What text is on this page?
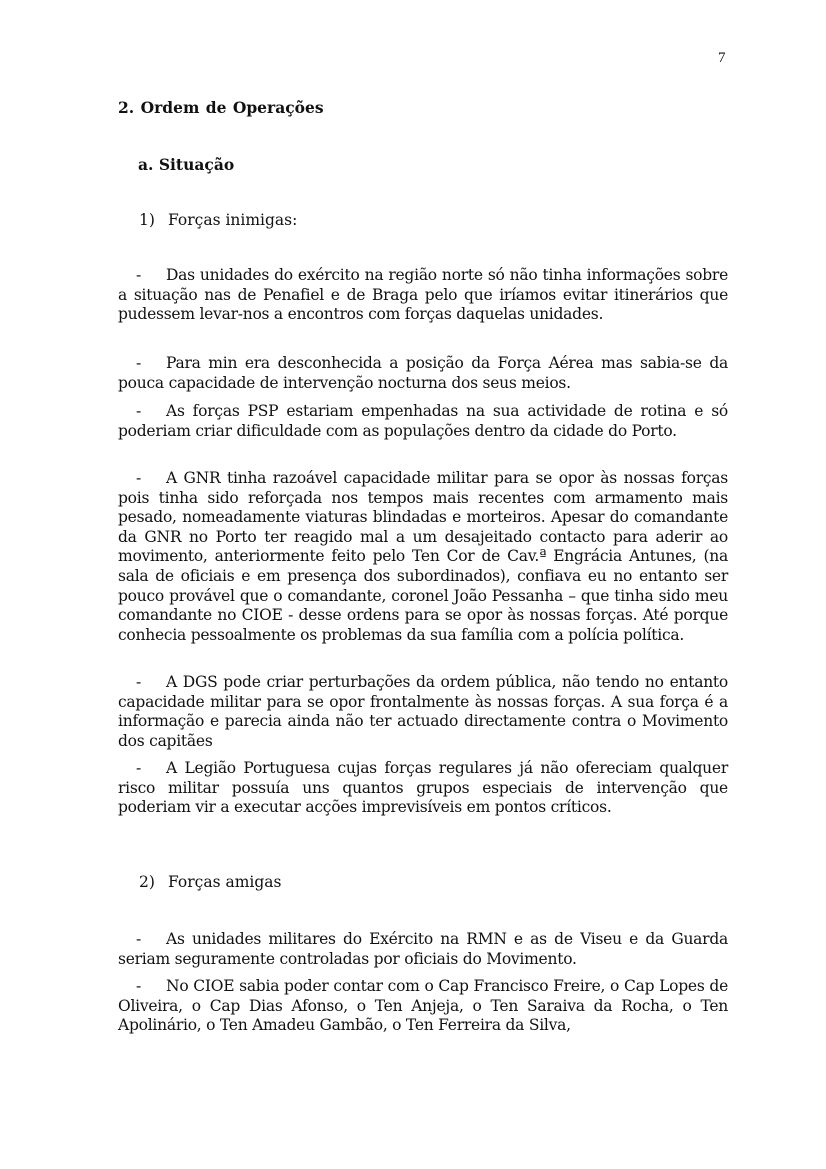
7
2. Ordem de Operações
a. Situação
1) Forças inimigas:
- Das unidades do exército na região norte só não tinha informações sobre a situação nas de Penafiel e de Braga pelo que iríamos evitar itinerários que pudessem levar-nos a encontros com forças daquelas unidades.
- Para min era desconhecida a posição da Força Aérea mas sabia-se da pouca capacidade de intervenção nocturna dos seus meios.
- As forças PSP estariam empenhadas na sua actividade de rotina e só poderiam criar dificuldade com as populações dentro da cidade do Porto.
- A GNR tinha razoável capacidade militar para se opor às nossas forças pois tinha sido reforçada nos tempos mais recentes com armamento mais pesado, nomeadamente viaturas blindadas e morteiros. Apesar do comandante da GNR no Porto ter reagido mal a um desajeitado contacto para aderir ao movimento, anteriormente feito pelo Ten Cor de Cav.ª Engrácia Antunes, (na sala de oficiais e em presença dos subordinados), confiava eu no entanto ser pouco provável que o comandante, coronel João Pessanha – que tinha sido meu comandante no CIOE - desse ordens para se opor às nossas forças. Até porque conhecia pessoalmente os problemas da sua família com a polícia política.
- A DGS pode criar perturbações da ordem pública, não tendo no entanto capacidade militar para se opor frontalmente às nossas forças. A sua força é a informação e parecia ainda não ter actuado directamente contra o Movimento dos capitães
- A Legião Portuguesa cujas forças regulares já não ofereciam qualquer risco militar possuía uns quantos grupos especiais de intervenção que poderiam vir a executar acções imprevisíveis em pontos críticos.
2) Forças amigas
- As unidades militares do Exército na RMN e as de Viseu e da Guarda seriam seguramente controladas por oficiais do Movimento.
- No CIOE sabia poder contar com o Cap Francisco Freire, o Cap Lopes de Oliveira, o Cap Dias Afonso, o Ten Anjeja, o Ten Saraiva da Rocha, o Ten Apolinário, o Ten Amadeu Gambão, o Ten Ferreira da Silva,
